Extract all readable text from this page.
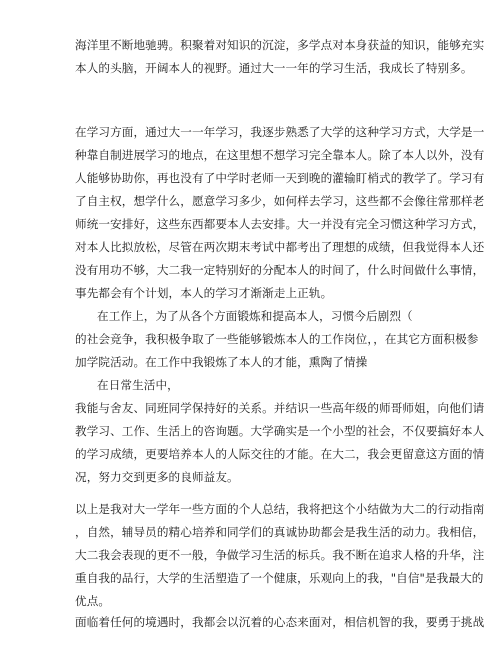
海洋里不断地驰骋。积聚着对知识的沉淀，多学点对本身获益的知识，能够充实
本人的头脑，开阔本人的视野。通过大一一年的学习生活，我成长了特别多。

在学习方面，通过大一一年学习，我逐步熟悉了大学的这种学习方式，大学是一
种靠自制进展学习的地点，在这里想不想学习完全靠本人。除了本人以外，没有
人能够协助你，再也没有了中学时老师一天到晚的灌输盯梢式的教学了。学习有
了自主权，想学什么，愿意学习多少，如何样去学习，这些都不会像往常那样老
师统一安排好，这些东西都要本人去安排。大一并没有完全习惯这种学习方式，
对本人比拟放松，尽管在两次期末考试中都考出了理想的成绩，但我觉得本人还
没有用功不够，大二我一定特别好的分配本人的时间了，什么时间做什么事情，
事先都会有个计划，本人的学习才渐渐走上正轨。

在工作上，为了从各个方面锻炼和提高本人，习惯今后剧烈（
的社会竞争，我积极争取了一些能够锻炼本人的工作岗位，，在其它方面积极参
加学院活动。在工作中我锻炼了本人的才能，熏陶了情操
在日常生活中，
我能与舍友、同班同学保持好的关系。并结识一些高年级的师哥师姐，向他们请
教学习、工作、生活上的咨询题。大学确实是一个小型的社会，不仅要搞好本人
的学习成绩，更要培养本人的人际交往的才能。在大二，我会更留意这方面的情
况，努力交到更多的良师益友。

以上是我对大一学年一些方面的个人总结，我将把这个小结做为大二的行动指南
，自然，辅导员的精心培养和同学们的真诚协助都会是我生活的动力。我相信，
大二我会表现的更不一般，争做学习生活的标兵。我不断在追求人格的升华，注
重自我的品行，大学的生活塑造了一个健康，乐观向上的我，"自信"是我最大的
优点。

面临着任何的境遇时，我都会以沉着的心态来面对，相信机智的我，要勇于挑战
